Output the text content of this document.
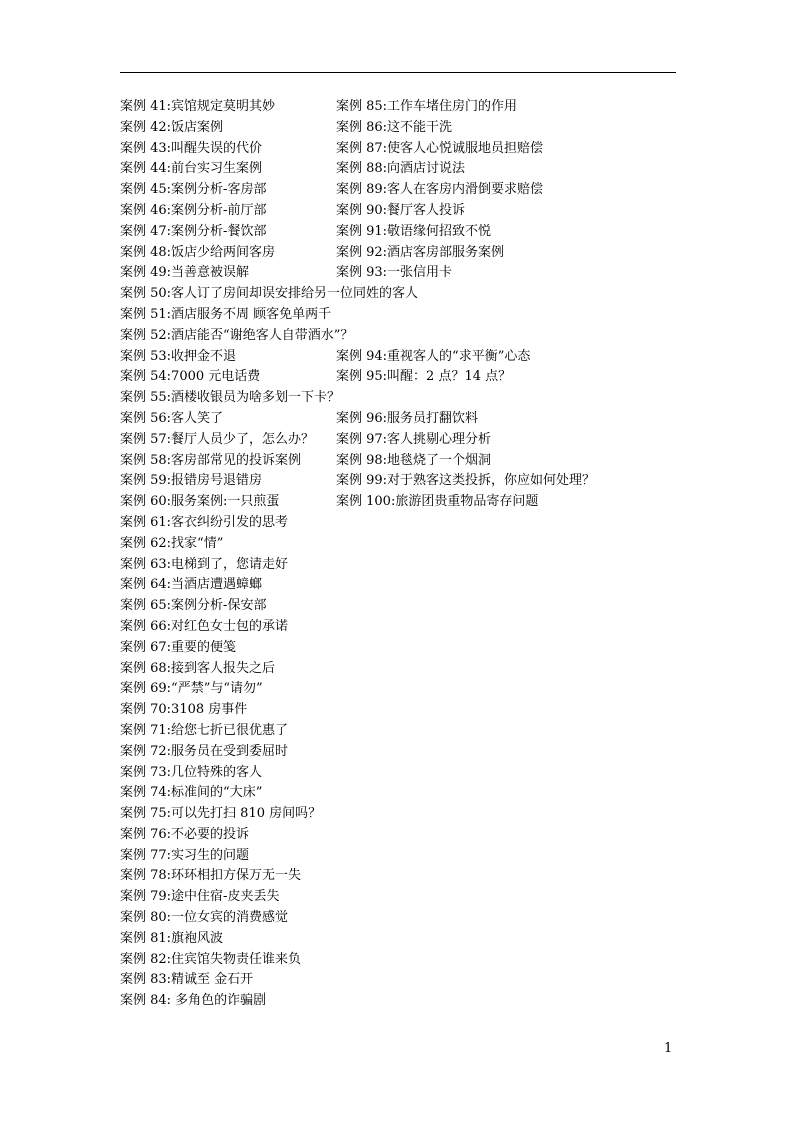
案例 41:宾馆规定莫明其妙	案例 85:工作车堵住房门的作用
案例 42:饭店案例	案例 86:这不能干洗
案例 43:叫醒失误的代价	案例 87:使客人心悦诚服地员担赔偿
案例 44:前台实习生案例	案例 88:向酒店讨说法
案例 45:案例分析-客房部	案例 89:客人在客房内滑倒要求赔偿
案例 46:案例分析-前厅部	案例 90:餐厅客人投诉
案例 47:案例分析-餐饮部	案例 91:敬语缘何招致不悦
案例 48:饭店少给两间客房	案例 92:酒店客房部服务案例
案例 49:当善意被误解	案例 93:一张信用卡
案例 50:客人订了房间却误安排给另一位同姓的客人
案例 51:酒店服务不周 顾客免单两千
案例 52:酒店能否“谢绝客人自带酒水”？
案例 53:收押金不退	案例 94:重视客人的“求平衡”心态
案例 54:7000 元电话费	案例 95:叫醒：2 点？14 点？
案例 55:酒楼收银员为啥多划一下卡？
案例 56:客人笑了	案例 96:服务员打翻饮料
案例 57:餐厅人员少了，怎么办？ 案例 97:客人挑剔心理分析
案例 58:客房部常见的投诉案例	案例 98:地毯烧了一个烟洞
案例 59:报错房号退错房	案例 99:对于熟客这类投拆，你应如何处理？
案例 60:服务案例:一只煎蛋	案例 100:旅游团贵重物品寄存问题
案例 61:客衣纠纷引发的思考
案例 62:找家“情”
案例 63:电梯到了，您请走好
案例 64:当酒店遭遇蟑螂
案例 65:案例分析-保安部
案例 66:对红色女士包的承诺
案例 67:重要的便笺
案例 68:接到客人报失之后
案例 69:“严禁”与“请勿”
案例 70:3108 房事件
案例 71:给您七折已很优惠了
案例 72:服务员在受到委屈时
案例 73:几位特殊的客人
案例 74:标准间的“大床”
案例 75:可以先打扫 810 房间吗？
案例 76:不必要的投诉
案例 77:实习生的问题
案例 78:环环相扣方保万无一失
案例 79:途中住宿-皮夹丢失
案例 80:一位女宾的消费感觉
案例 81:旗袍风波
案例 82:住宾馆失物责任谁来负
案例 83:精诚至 金石开
案例 84: 多角色的诈骗剧
1
